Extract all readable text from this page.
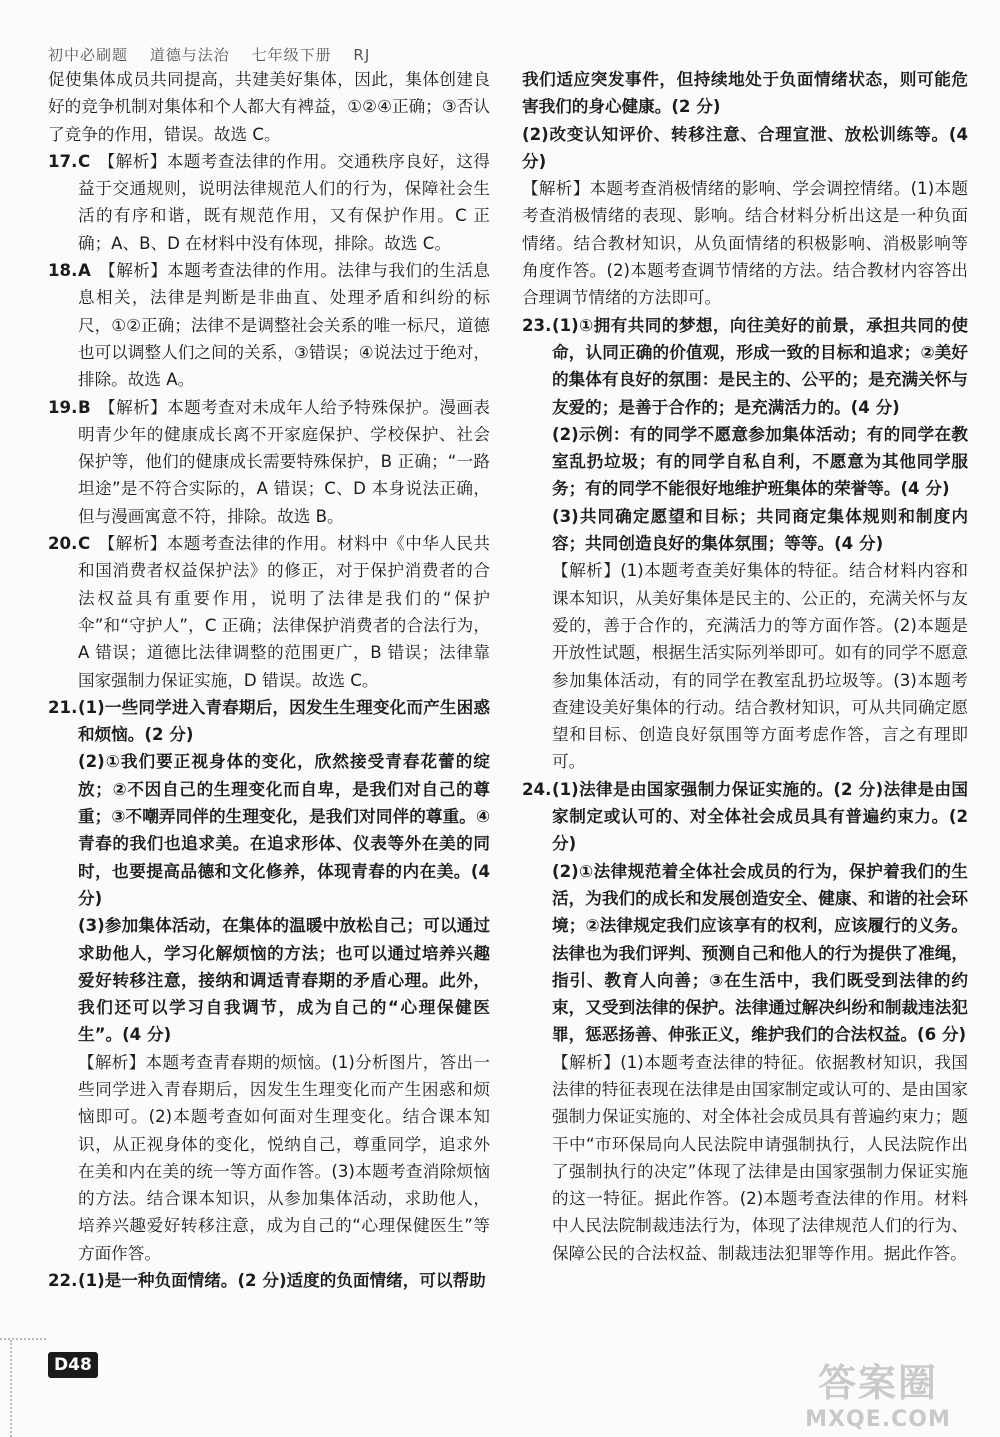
初中必刷题 道德与法治 七年级下册 RJ

促使集体成员共同提高，共建美好集体，因此，集体创建良好的竞争机制对集体和个人都大有裨益，①②④正确；③否认了竞争的作用，错误。故选 C。

17. C 【解析】本题考查法律的作用。交通秩序良好，这得益于交通规则，说明法律规范人们的行为，保障社会生活的有序和谐，既有规范作用，又有保护作用。C 正确；A、B、D 在材料中没有体现，排除。故选 C。

18. A 【解析】本题考查法律的作用。法律与我们的生活息息相关，法律是判断是非曲直、处理矛盾和纠纷的标尺，①②正确；法律不是调整社会关系的唯一标尺，道德也可以调整人们之间的关系，③错误；④说法过于绝对，排除。故选 A。

19. B 【解析】本题考查对未成年人给予特殊保护。漫画表明青少年的健康成长离不开家庭保护、学校保护、社会保护等，他们的健康成长需要特殊保护，B 正确；“一路坦途”是不符合实际的，A 错误；C、D 本身说法正确，但与漫画寓意不符，排除。故选 B。

20. C 【解析】本题考查法律的作用。材料中《中华人民共和国消费者权益保护法》的修正，对于保护消费者的合法权益具有重要作用，说明了法律是我们的“保护伞”和“守护人”，C 正确；法律保护消费者的合法行为，A 错误；道德比法律调整的范围更广，B 错误；法律靠国家强制力保证实施，D 错误。故选 C。

21. (1)一些同学进入青春期后，因发生生理变化而产生困惑和烦恼。(2 分)

(2)①我们要正视身体的变化，欣然接受青春花蕾的绽放；②不因自己的生理变化而自卑，是我们对自己的尊重；③不嘲弄同伴的生理变化，是我们对同伴的尊重。④青春的我们也追求美。在追求形体、仪表等外在美的同时，也要提高品德和文化修养，体现青春的内在美。(4 分)

(3)参加集体活动，在集体的温暖中放松自己；可以通过求助他人，学习化解烦恼的方法；也可以通过培养兴趣爱好转移注意，接纳和调适青春期的矛盾心理。此外，我们还可以学习自我调节，成为自己的“心理保健医生”。(4 分)

【解析】本题考查青春期的烦恼。(1)分析图片，答出一些同学进入青春期后，因发生生理变化而产生困惑和烦恼即可。(2)本题考查如何面对生理变化。结合课本知识，从正视身体的变化，悦纳自己，尊重同学，追求外在美和内在美的统一等方面作答。(3)本题考查消除烦恼的方法。结合课本知识，从参加集体活动，求助他人，培养兴趣爱好转移注意，成为自己的“心理保健医生”等方面作答。

22. (1)是一种负面情绪。(2 分)适度的负面情绪，可以帮助

我们适应突发事件，但持续地处于负面情绪状态，则可能危害我们的身心健康。(2 分)

(2)改变认知评价、转移注意、合理宣泄、放松训练等。(4 分)

【解析】本题考查消极情绪的影响、学会调控情绪。(1)本题考查消极情绪的表现、影响。结合材料分析出这是一种负面情绪。结合教材知识，从负面情绪的积极影响、消极影响等角度作答。(2)本题考查调节情绪的方法。结合教材内容答出合理调节情绪的方法即可。

23. (1)①拥有共同的梦想，向往美好的前景，承担共同的使命，认同正确的价值观，形成一致的目标和追求；②美好的集体有良好的氛围：是民主的、公平的；是充满关怀与友爱的；是善于合作的；是充满活力的。(4 分)

(2)示例：有的同学不愿意参加集体活动；有的同学在教室乱扔垃圾；有的同学自私自利，不愿意为其他同学服务；有的同学不能很好地维护班集体的荣誉等。(4 分)

(3)共同确定愿望和目标；共同商定集体规则和制度内容；共同创造良好的集体氛围；等等。(4 分)

【解析】(1)本题考查美好集体的特征。结合材料内容和课本知识，从美好集体是民主的、公正的，充满关怀与友爱的，善于合作的，充满活力的等方面作答。(2)本题是开放性试题，根据生活实际列举即可。如有的同学不愿意参加集体活动，有的同学在教室乱扔垃圾等。(3)本题考查建设美好集体的行动。结合教材知识，可从共同确定愿望和目标、创造良好氛围等方面考虑作答，言之有理即可。

24. (1)法律是由国家强制力保证实施的。(2 分)法律是由国家制定或认可的、对全体社会成员具有普遍约束力。(2 分)

(2)①法律规范着全体社会成员的行为，保护着我们的生活，为我们的成长和发展创造安全、健康、和谐的社会环境；②法律规定我们应该享有的权利，应该履行的义务。法律也为我们评判、预测自己和他人的行为提供了准绳，指引、教育人向善；③在生活中，我们既受到法律的约束，又受到法律的保护。法律通过解决纠纷和制裁违法犯罪，惩恶扬善、伸张正义，维护我们的合法权益。(6 分)

【解析】(1)本题考查法律的特征。依据教材知识，我国法律的特征表现在法律是由国家制定或认可的、是由国家强制力保证实施的、对全体社会成员具有普遍约束力；题干中“市环保局向人民法院申请强制执行，人民法院作出了强制执行的决定”体现了法律是由国家强制力保证实施的这一特征。据此作答。(2)本题考查法律的作用。材料中人民法院制裁违法行为，体现了法律规范人们的行为、保障公民的合法权益、制裁违法犯罪等作用。据此作答。

D48	答案圈
MXQE.COM
